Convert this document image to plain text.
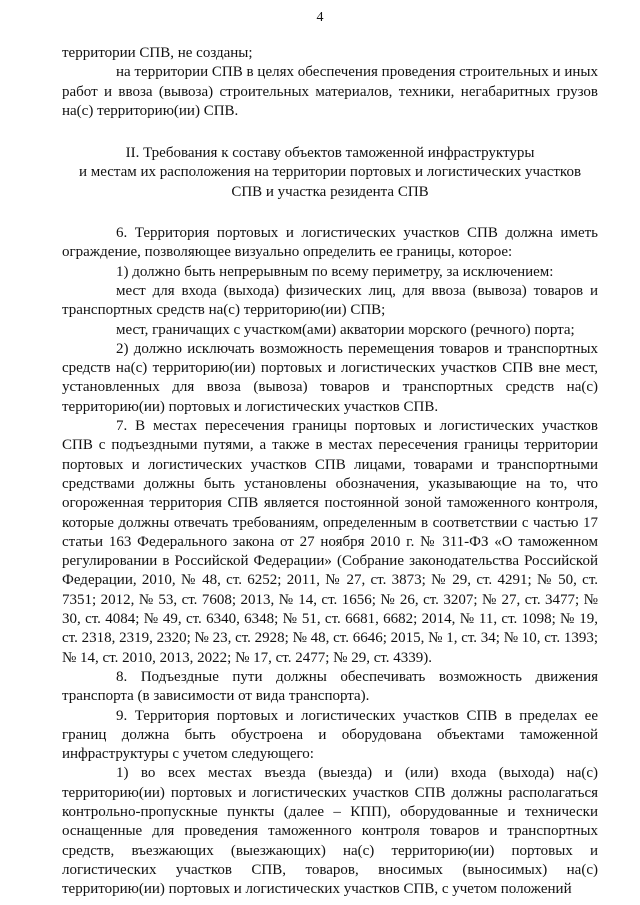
4

территории СПВ, не созданы;

на территории СПВ в целях обеспечения проведения строительных и иных работ и ввоза (вывоза) строительных материалов, техники, негабаритных грузов на(с) территорию(ии) СПВ.

II. Требования к составу объектов таможенной инфраструктуры
и местам их расположения на территории портовых и логистических участков
СПВ и участка резидента СПВ

6. Территория портовых и логистических участков СПВ должна иметь ограждение, позволяющее визуально определить ее границы, которое:

1) должно быть непрерывным по всему периметру, за исключением:

мест для входа (выхода) физических лиц, для ввоза (вывоза) товаров и транспортных средств на(с) территорию(ии) СПВ;

мест, граничащих с участком(ами) акватории морского (речного) порта;

2) должно исключать возможность перемещения товаров и транспортных средств на(с) территорию(ии) портовых и логистических участков СПВ вне мест, установленных для ввоза (вывоза) товаров и транспортных средств на(с) территорию(ии) портовых и логистических участков СПВ.

7. В местах пересечения границы портовых и логистических участков СПВ с подъездными путями, а также в местах пересечения границы территории портовых и логистических участков СПВ лицами, товарами и транспортными средствами должны быть установлены обозначения, указывающие на то, что огороженная территория СПВ является постоянной зоной таможенного контроля, которые должны отвечать требованиям, определенным в соответствии с частью 17 статьи 163 Федерального закона от 27 ноября 2010 г. № 311-ФЗ «О таможенном регулировании в Российской Федерации» (Собрание законодательства Российской Федерации, 2010, № 48, ст. 6252; 2011, № 27, ст. 3873; № 29, ст. 4291; № 50, ст. 7351; 2012, № 53, ст. 7608; 2013, № 14, ст. 1656; № 26, ст. 3207; № 27, ст. 3477; № 30, ст. 4084; № 49, ст. 6340, 6348; № 51, ст. 6681, 6682; 2014, № 11, ст. 1098; № 19, ст. 2318, 2319, 2320; № 23, ст. 2928; № 48, ст. 6646; 2015, № 1, ст. 34; № 10, ст. 1393; № 14, ст. 2010, 2013, 2022; № 17, ст. 2477; № 29, ст. 4339).

8. Подъездные пути должны обеспечивать возможность движения транспорта (в зависимости от вида транспорта).

9. Территория портовых и логистических участков СПВ в пределах ее границ должна быть обустроена и оборудована объектами таможенной инфраструктуры с учетом следующего:

1) во всех местах въезда (выезда) и (или) входа (выхода) на(с) территорию(ии) портовых и логистических участков СПВ должны располагаться контрольно-пропускные пункты (далее – КПП), оборудованные и технически оснащенные для проведения таможенного контроля товаров и транспортных средств, въезжающих (выезжающих) на(с) территорию(ии) портовых и логистических участков СПВ, товаров, вносимых (выносимых) на(с) территорию(ии) портовых и логистических участков СПВ, с учетом положений
